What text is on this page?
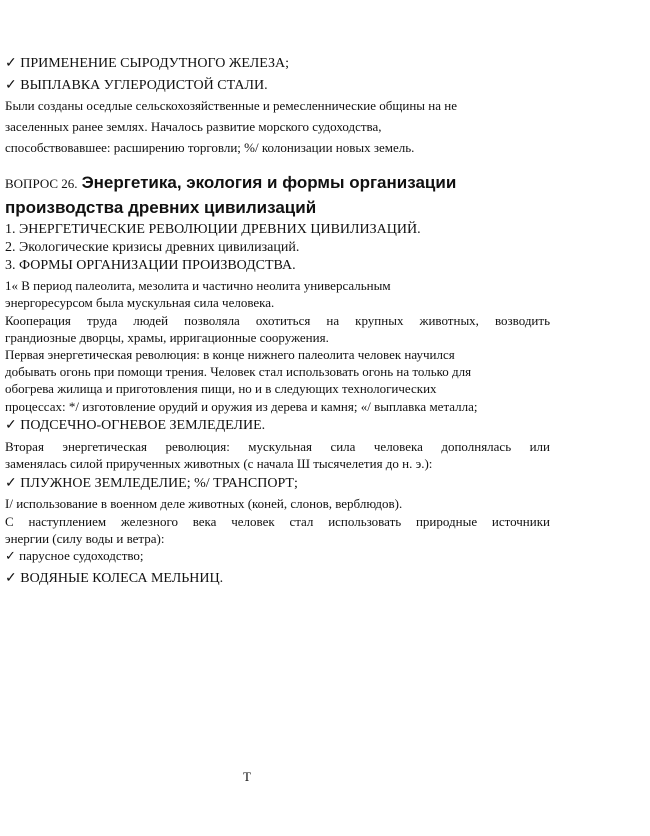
✓ ПРИМЕНЕНИЕ СЫРОДУТНОГО ЖЕЛЕЗА;
✓ ВЫПЛАВКА УГЛЕРОДИСТОЙ СТАЛИ.
Были созданы оседлые сельскохозяйственные и ремесленнические общины на не
заселенных ранее землях. Началось развитие морского судоходства,
способствовавшее: расширению торговли; %/ колонизации новых земель.
ВОПРОС 26. Энергетика, экология и формы организации
производства древних цивилизаций
1. ЭНЕРГЕТИЧЕСКИЕ РЕВОЛЮЦИИ ДРЕВНИХ ЦИВИЛИЗАЦИЙ.
2. Экологические кризисы древних цивилизаций.
3. ФОРМЫ ОРГАНИЗАЦИИ ПРОИЗВОДСТВА.
1« В период палеолита, мезолита и частично неолита универсальным
энергоресурсом была мускульная сила человека.
Кооперация труда людей позволяла охотиться на крупных животных, возводить
грандиозные дворцы, храмы, ирригационные сооружения.
Первая энергетическая революция: в конце нижнего палеолита человек научился
добывать огонь при помощи трения. Человек стал использовать огонь на только для
обогрева жилища и приготовления пищи, но и в следующих технологических
процессах: */ изготовление орудий и оружия из дерева и камня; «/ выплавка металла;
✓ ПОДСЕЧНО-ОГНЕВОЕ ЗЕМЛЕДЕЛИЕ.
Вторая энергетическая революция: мускульная сила человека дополнялась или
заменялась силой прирученных животных (с начала Ш тысячелетия до н. э.):
✓ ПЛУЖНОЕ ЗЕМЛЕДЕЛИЕ; %/ ТРАНСПОРТ;
I/ использование в военном деле животных (коней, слонов, верблюдов).
С наступлением железного века человек стал использовать природные источники
энергии (силу воды и ветра):
✓ парусное судоходство;
✓ ВОДЯНЫЕ КОЛЕСА МЕЛЬНИЦ.
Т
